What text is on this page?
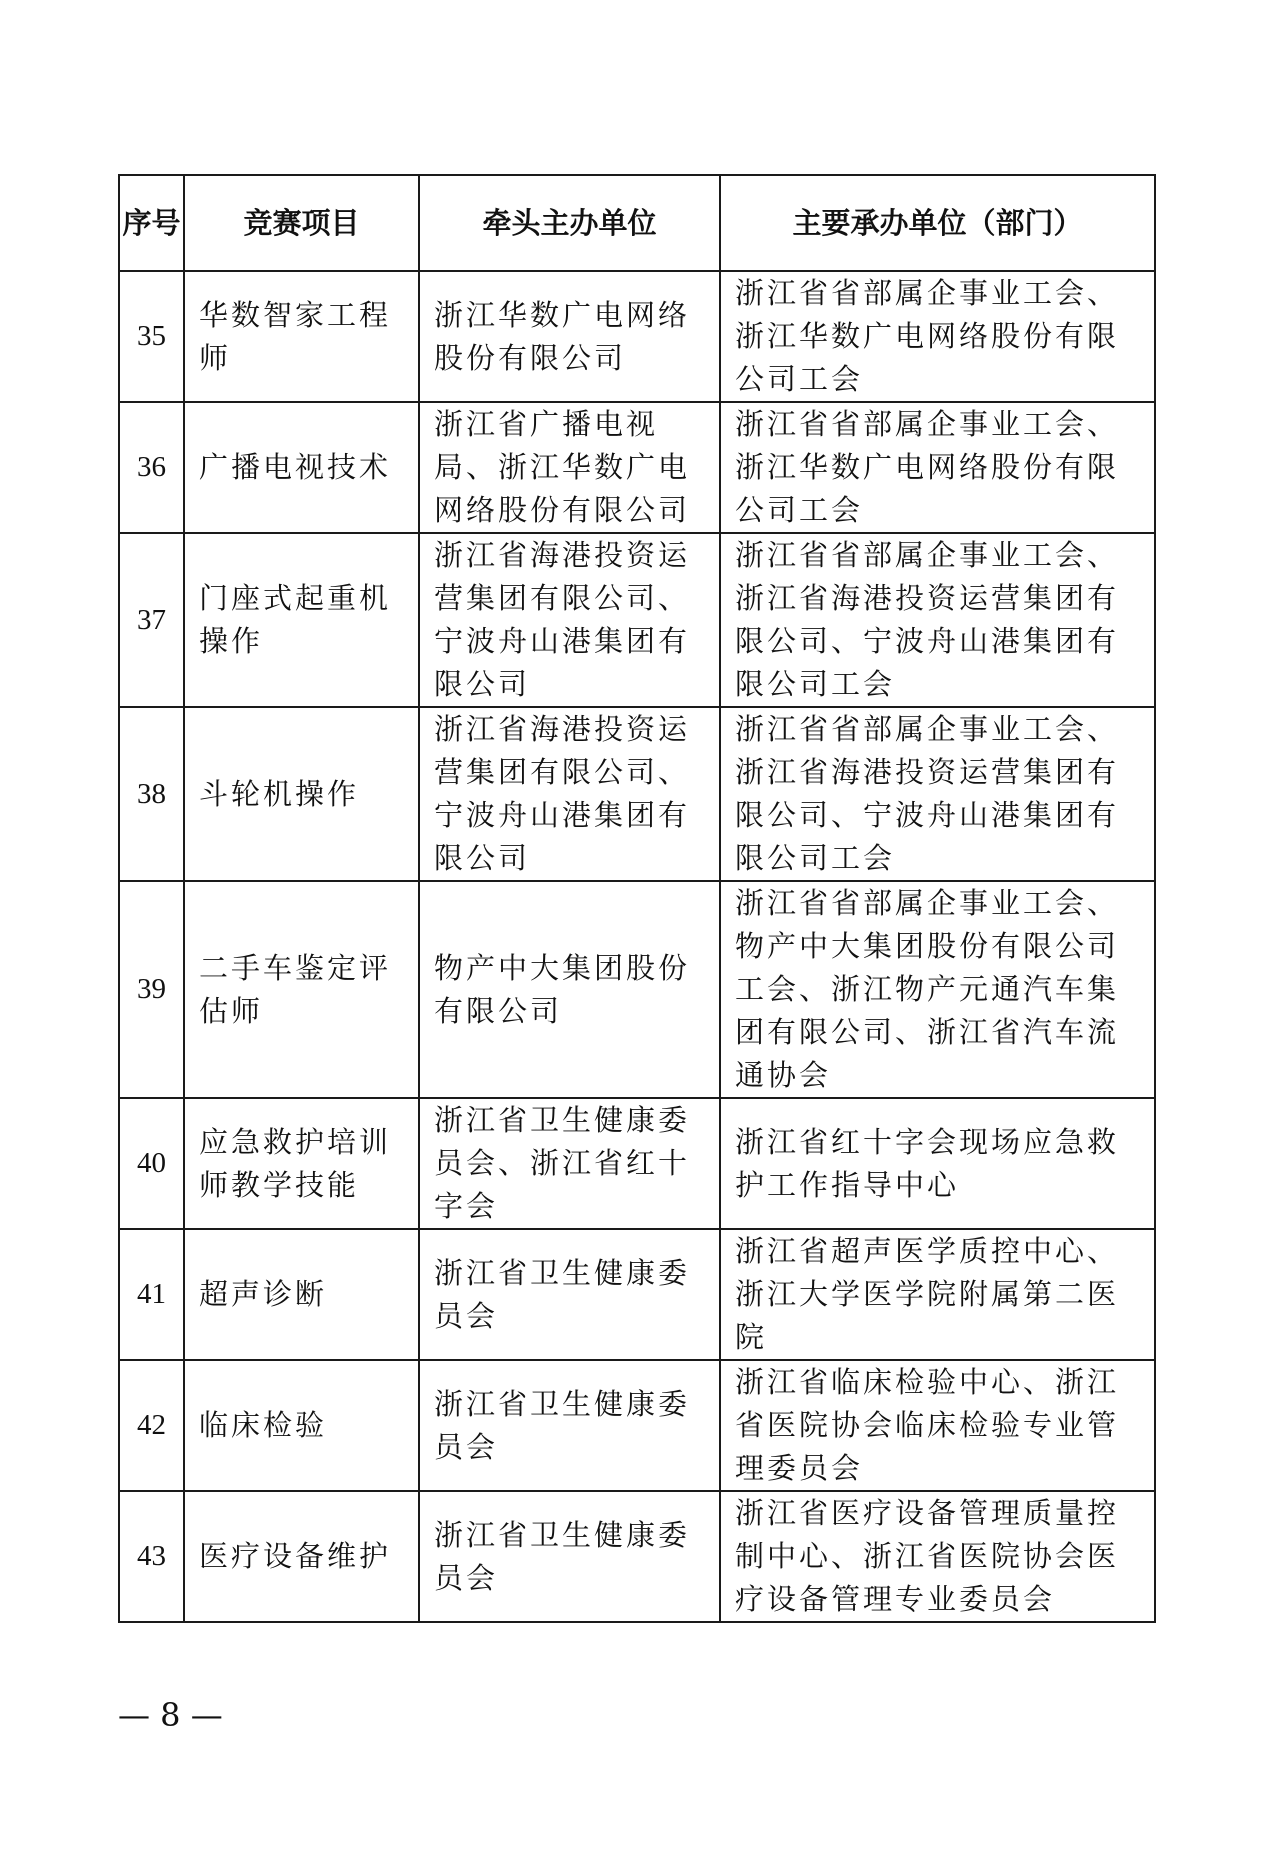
序号	竞赛项目	牵头主办单位	主要承办单位（部门）
35	华数智家工程师	浙江华数广电网络股份有限公司	浙江省省部属企事业工会、浙江华数广电网络股份有限公司工会
36	广播电视技术	浙江省广播电视局、浙江华数广电网络股份有限公司	浙江省省部属企事业工会、浙江华数广电网络股份有限公司工会
37	门座式起重机操作	浙江省海港投资运营集团有限公司、宁波舟山港集团有限公司	浙江省省部属企事业工会、浙江省海港投资运营集团有限公司、宁波舟山港集团有限公司工会
38	斗轮机操作	浙江省海港投资运营集团有限公司、宁波舟山港集团有限公司	浙江省省部属企事业工会、浙江省海港投资运营集团有限公司、宁波舟山港集团有限公司工会
39	二手车鉴定评估师	物产中大集团股份有限公司	浙江省省部属企事业工会、物产中大集团股份有限公司工会、浙江物产元通汽车集团有限公司、浙江省汽车流通协会
40	应急救护培训师教学技能	浙江省卫生健康委员会、浙江省红十字会	浙江省红十字会现场应急救护工作指导中心
41	超声诊断	浙江省卫生健康委员会	浙江省超声医学质控中心、浙江大学医学院附属第二医院
42	临床检验	浙江省卫生健康委员会	浙江省临床检验中心、浙江省医院协会临床检验专业管理委员会
43	医疗设备维护	浙江省卫生健康委员会	浙江省医疗设备管理质量控制中心、浙江省医院协会医疗设备管理专业委员会
— 8 —
